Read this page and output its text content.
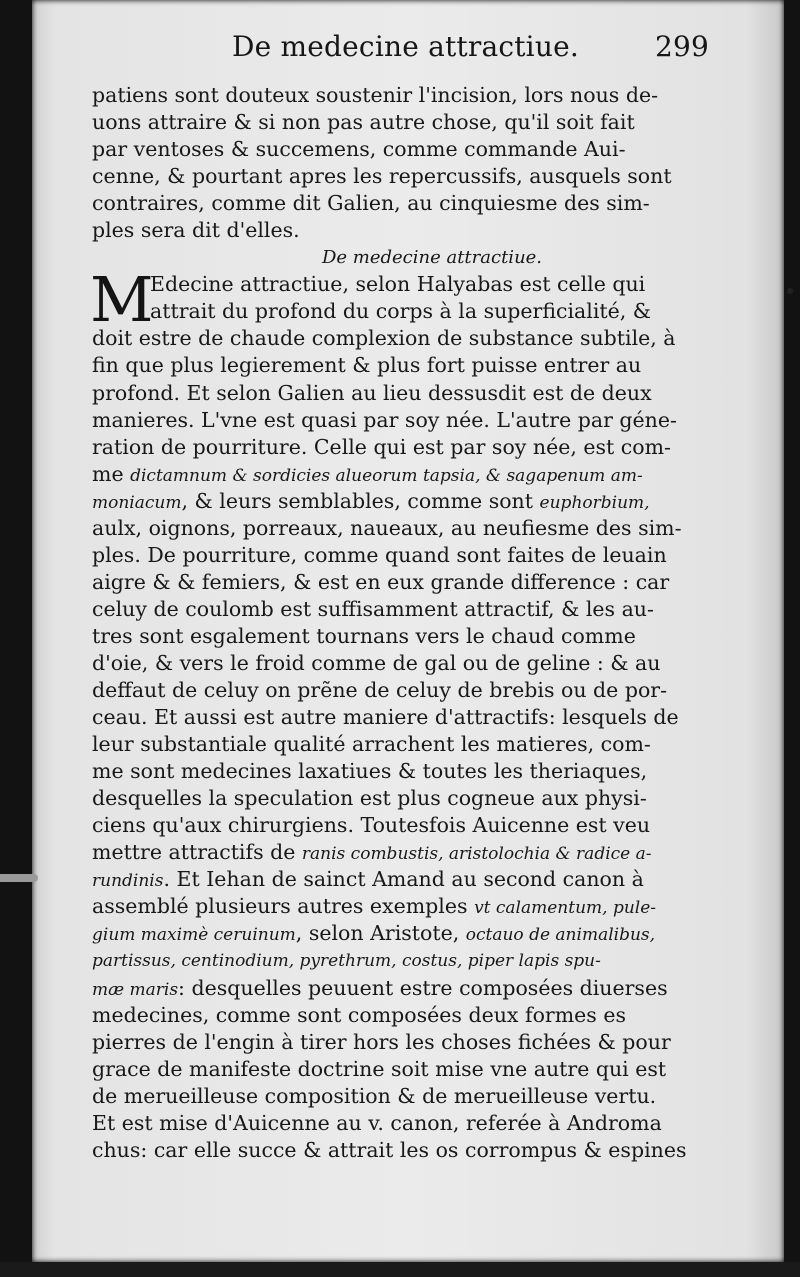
De medecine attractiue.	299
patiens sont douteux soustenir l'incision, lors nous de-
uons attraire & si non pas autre chose, qu'il soit fait
par ventoses & succemens, comme commande Aui-
cenne, & pourtant apres les repercussifs, ausquels sont
contraires, comme dit Galien, au cinquiesme des sim-
ples sera dit d'elles.
De medecine attractiue.
M
Edecine attractiue, selon Halyabas est celle qui
attrait du profond du corps à la superficialité, &
doit estre de chaude complexion de substance subtile, à
fin que plus legierement & plus fort puisse entrer au
profond. Et selon Galien au lieu dessusdit est de deux
manieres. L'vne est quasi par soy née. L'autre par géne-
ration de pourriture. Celle qui est par soy née, est com-
me dictamnum & sordicies alueorum tapsia, & sagapenum am-
moniacum, & leurs semblables, comme sont euphorbium,
aulx, oignons, porreaux, naueaux, au neufiesme des sim-
ples. De pourriture, comme quand sont faites de leuain
aigre & & femiers, & est en eux grande difference : car
celuy de coulomb est suffisamment attractif, & les au-
tres sont esgalement tournans vers le chaud comme
d'oie, & vers le froid comme de gal ou de geline : & au
deffaut de celuy on prẽne de celuy de brebis ou de por-
ceau. Et aussi est autre maniere d'attractifs: lesquels de
leur substantiale qualité arrachent les matieres, com-
me sont medecines laxatiues & toutes les theriaques,
desquelles la speculation est plus cogneue aux physi-
ciens qu'aux chirurgiens. Toutesfois Auicenne est veu
mettre attractifs de ranis combustis, aristolochia & radice a-
rundinis. Et Iehan de sainct Amand au second canon à
assemblé plusieurs autres exemples vt calamentum, pule-
gium maximè ceruinum, selon Aristote, octauo de animalibus,
partissus, centinodium, pyrethrum, costus, piper lapis spu-
mæ maris: desquelles peuuent estre composées diuerses
medecines, comme sont composées deux formes es
pierres de l'engin à tirer hors les choses fichées & pour
grace de manifeste doctrine soit mise vne autre qui est
de merueilleuse composition & de merueilleuse vertu.
Et est mise d'Auicenne au v. canon, referée à Androma
chus: car elle succe & attrait les os corrompus & espines
